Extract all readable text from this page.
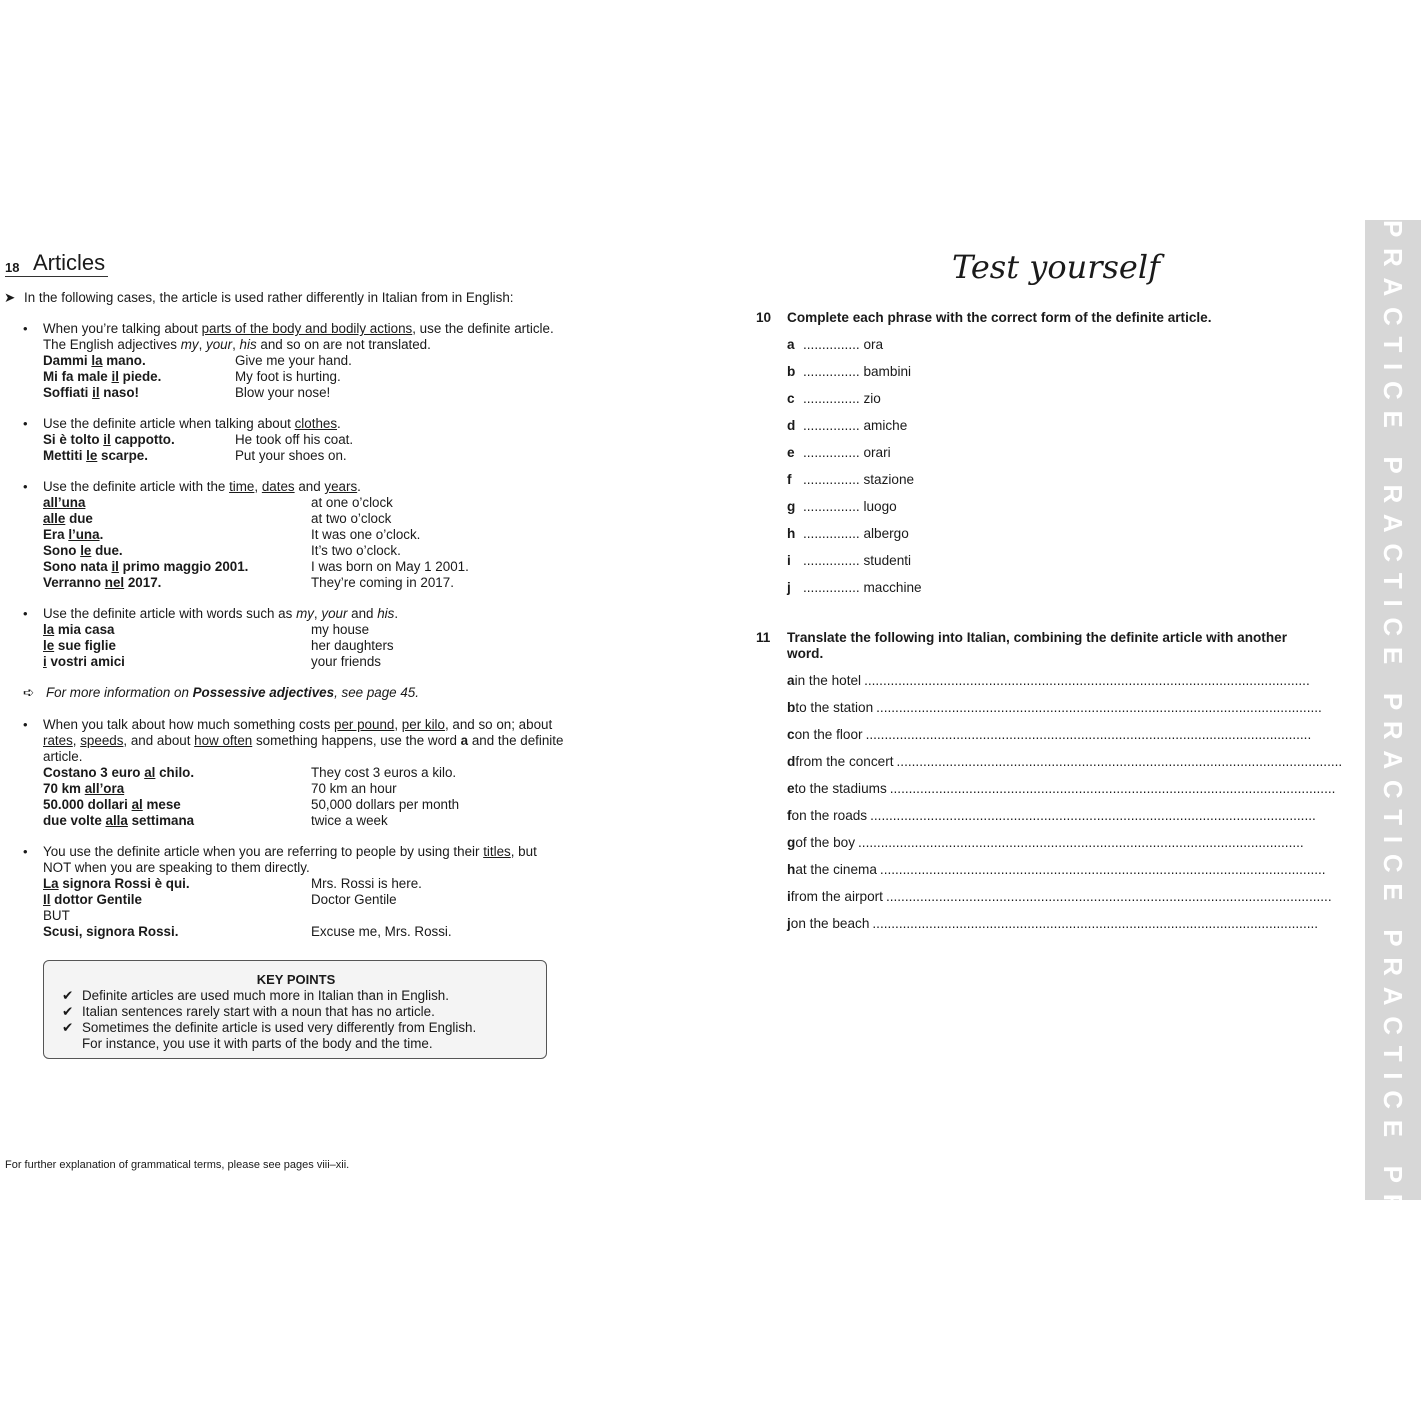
18 Articles
➤ In the following cases, the article is used rather differently in Italian from in English:
• When you’re talking about parts of the body and bodily actions, use the definite article.
The English adjectives my, your, his and so on are not translated.
Dammi la mano.	Give me your hand.
Mi fa male il piede.	My foot is hurting.
Soffiati il naso!	Blow your nose!
• Use the definite article when talking about clothes.
Si è tolto il cappotto.	He took off his coat.
Mettiti le scarpe.	Put your shoes on.
• Use the definite article with the time, dates and years.
all’una	at one o’clock
alle due	at two o’clock
Era l’una.	It was one o’clock.
Sono le due.	It’s two o’clock.
Sono nata il primo maggio 2001.	I was born on May 1 2001.
Verranno nel 2017.	They’re coming in 2017.
• Use the definite article with words such as my, your and his.
la mia casa	my house
le sue figlie	her daughters
i vostri amici	your friends
➪ For more information on Possessive adjectives, see page 45.
• When you talk about how much something costs per pound, per kilo, and so on; about
rates, speeds, and about how often something happens, use the word a and the definite
article.
Costano 3 euro al chilo.	They cost 3 euros a kilo.
70 km all’ora	70 km an hour
50.000 dollari al mese	50,000 dollars per month
due volte alla settimana	twice a week
• You use the definite article when you are referring to people by using their titles, but
NOT when you are speaking to them directly.
La signora Rossi è qui.	Mrs. Rossi is here.
Il dottor Gentile	Doctor Gentile
BUT
Scusi, signora Rossi.	Excuse me, Mrs. Rossi.
KEY POINTS
✔ Definite articles are used much more in Italian than in English.
✔ Italian sentences rarely start with a noun that has no article.
✔ Sometimes the definite article is used very differently from English.
For instance, you use it with parts of the body and the time.
For further explanation of grammatical terms, please see pages viii–xii.
Test yourself
10 Complete each phrase with the correct form of the definite article.
a ............... ora
b ............... bambini
c ............... zio
d ............... amiche
e ............... orari
f ............... stazione
g ............... luogo
h ............... albergo
i ............... studenti
j ............... macchine
11 Translate the following into Italian, combining the definite article with another
word.
a in the hotel ......................................................................................................................
b to the station ......................................................................................................................
c on the floor ......................................................................................................................
d from the concert ......................................................................................................................
e to the stadiums ......................................................................................................................
f on the roads ......................................................................................................................
g of the boy ......................................................................................................................
h at the cinema ......................................................................................................................
i from the airport ......................................................................................................................
j on the beach ......................................................................................................................	PRACTICE PRACTICE PRACTICE PRACTICE PRACTICE
